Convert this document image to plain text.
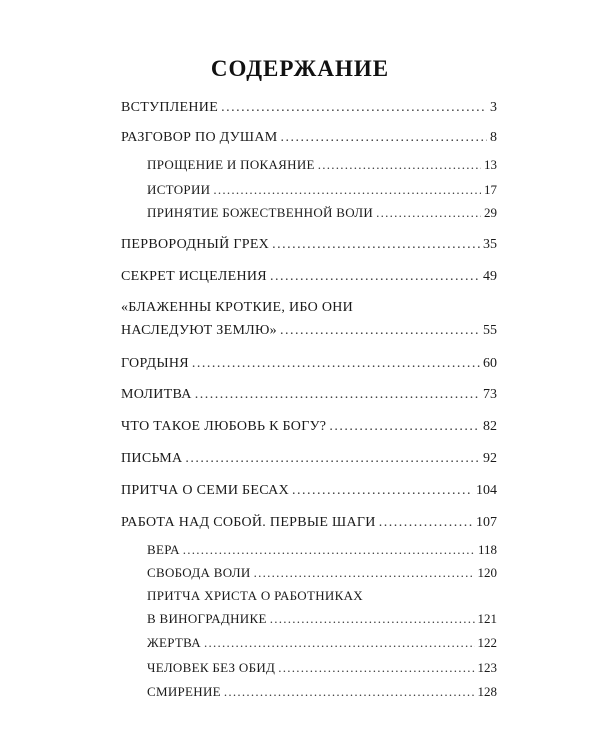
СОДЕРЖАНИЕ
ВСТУПЛЕНИЕ . . .	3
РАЗГОВОР ПО ДУШАМ . . .	8
ПРОЩЕНИЕ И ПОКАЯНИЕ . . .	13
ИСТОРИИ . . .	17
ПРИНЯТИЕ БОЖЕСТВЕННОЙ ВОЛИ . . .	29
ПЕРВОРОДНЫЙ ГРЕХ . . .	35
СЕКРЕТ ИСЦЕЛЕНИЯ . . .	49
«БЛАЖЕННЫ КРОТКИЕ, ИБО ОНИ
НАСЛЕДУЮТ ЗЕМЛЮ» . . .	55
ГОРДЫНЯ . . .	60
МОЛИТВА . . .	73
ЧТО ТАКОЕ ЛЮБОВЬ К БОГУ? . . .	82
ПИСЬМА . . .	92
ПРИТЧА О СЕМИ БЕСАХ . . .	104
РАБОТА НАД СОБОЙ. ПЕРВЫЕ ШАГИ . . .	107
ВЕРА . . .	118
СВОБОДА ВОЛИ . . .	120
ПРИТЧА ХРИСТА О РАБОТНИКАХ
В ВИНОГРАДНИКЕ . . .	121
ЖЕРТВА . . .	122
ЧЕЛОВЕК БЕЗ ОБИД . . .	123
СМИРЕНИЕ . . .	128
